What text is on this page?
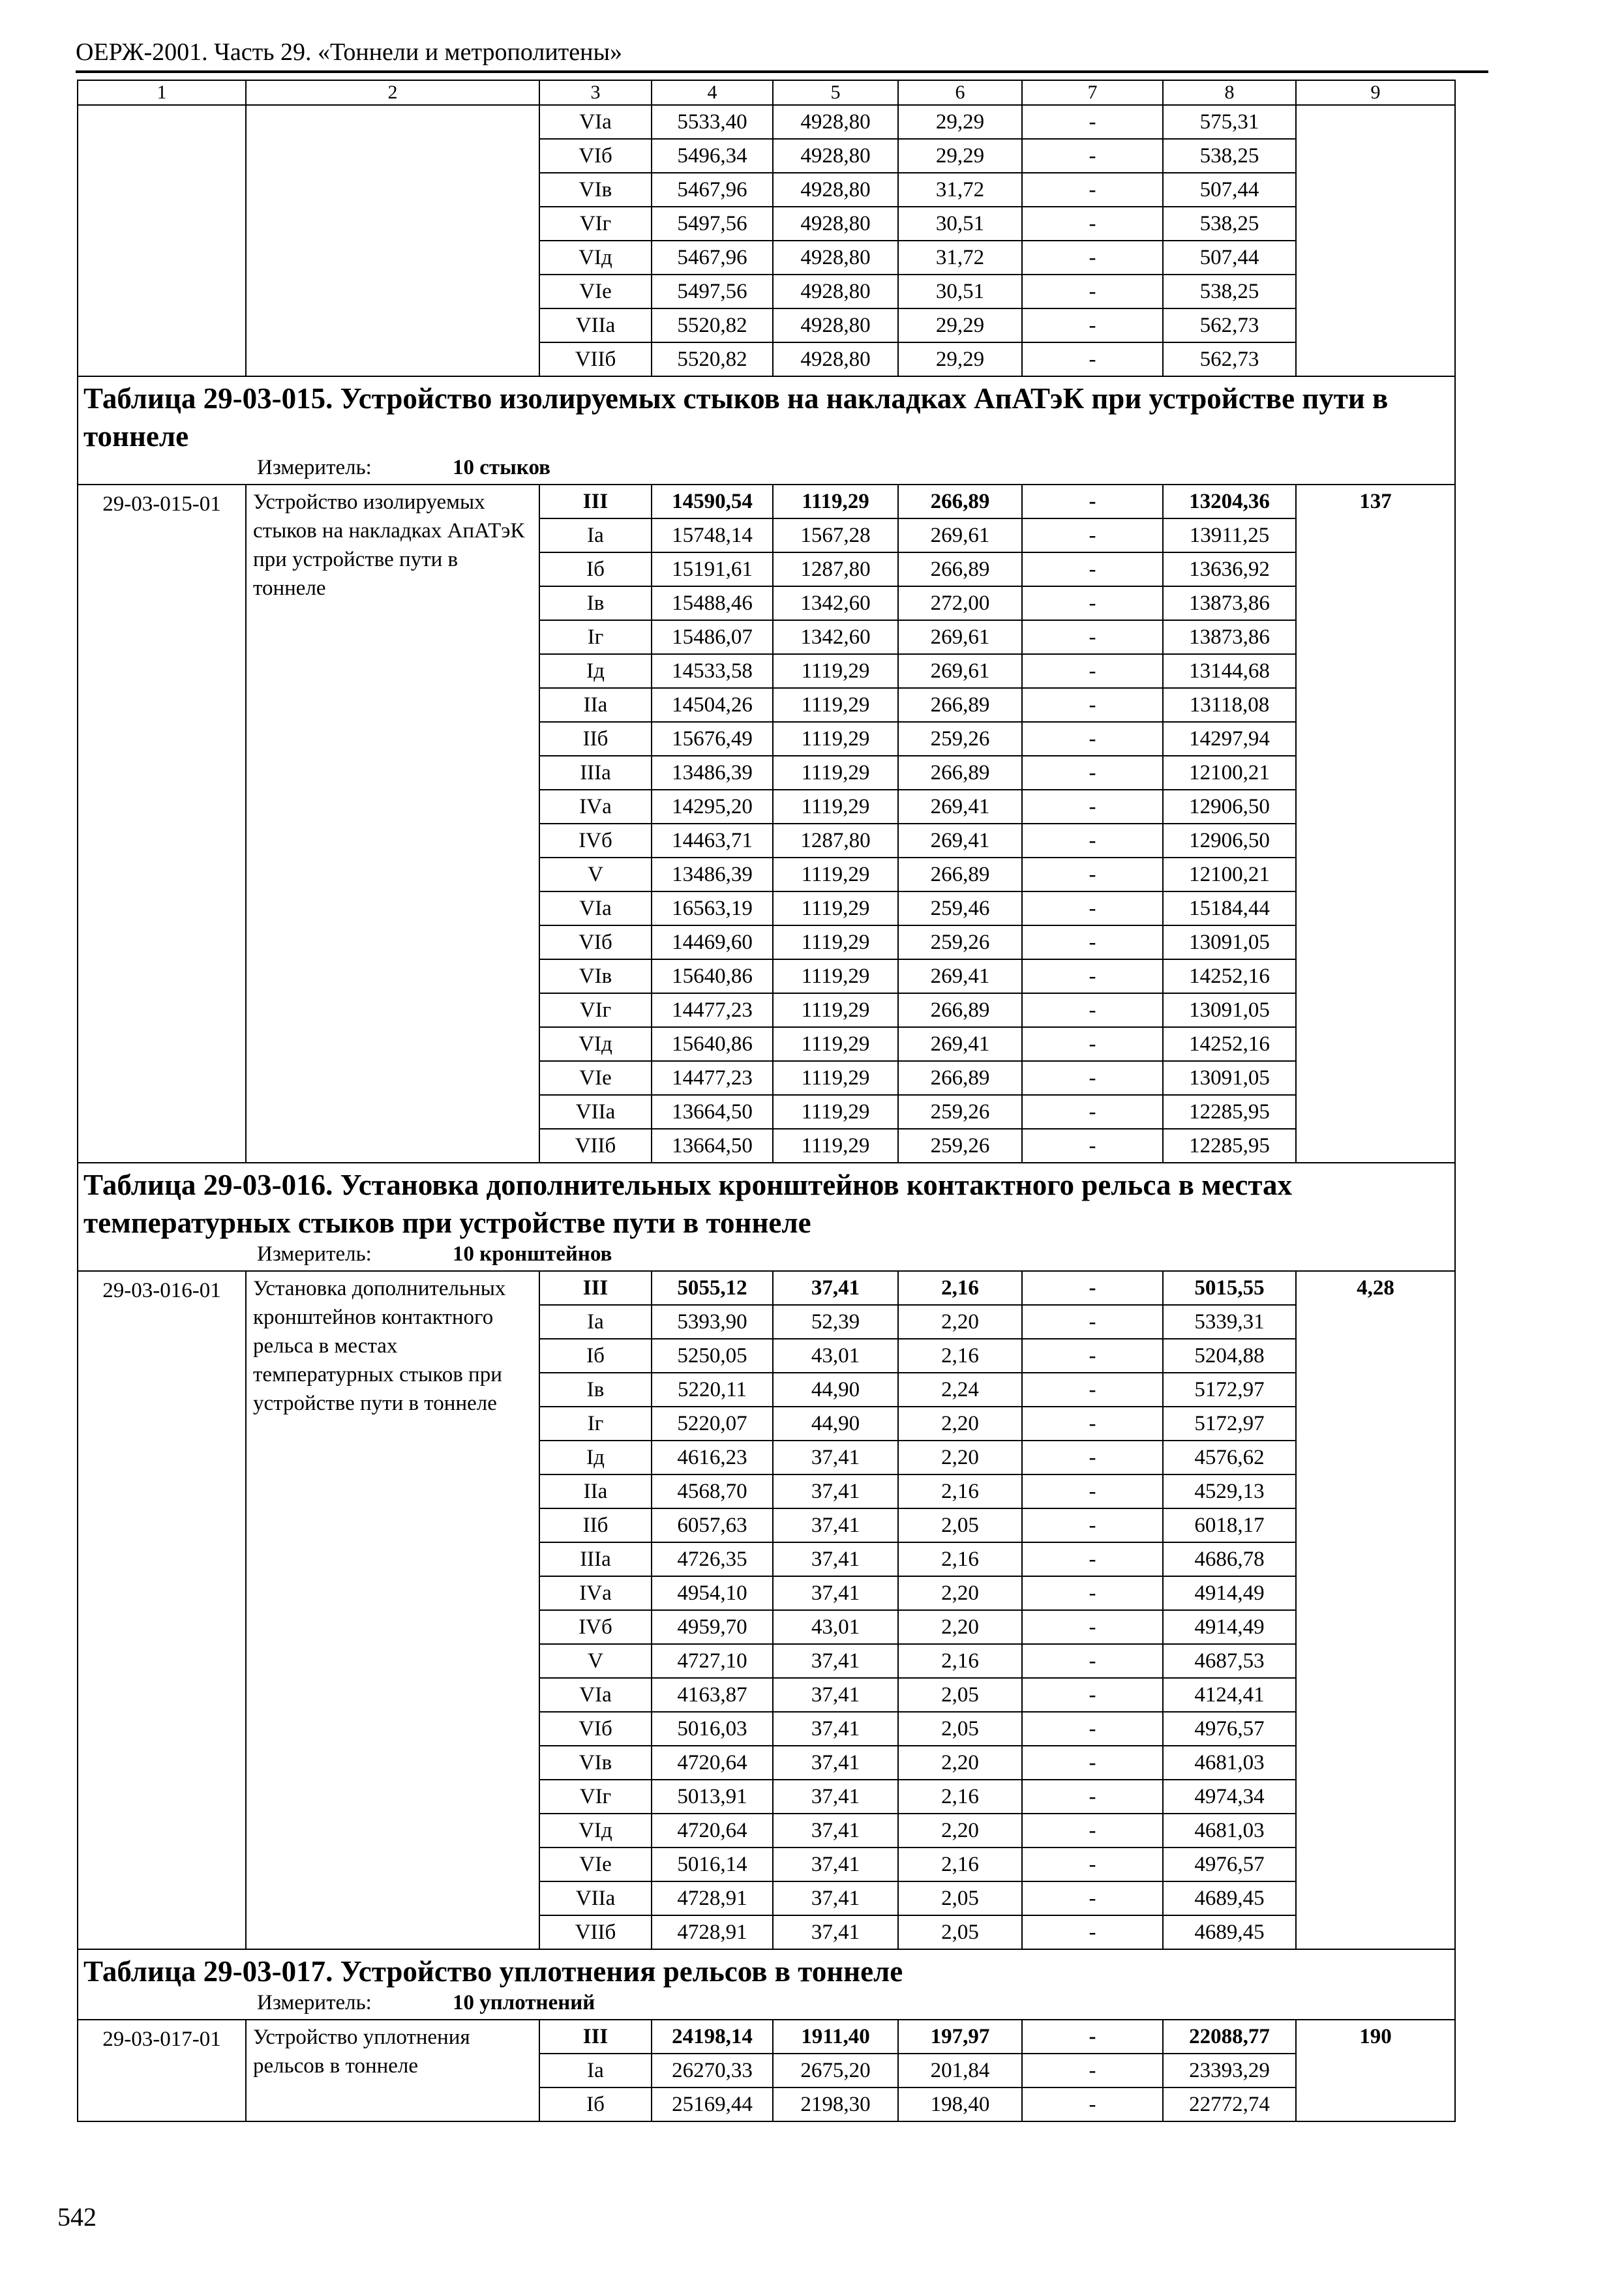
ОЕРЖ-2001. Часть 29. «Тоннели и метрополитены»
1	2	3	4	5	6	7	8	9
		VIа	5533,40	4928,80	29,29	-	575,31	
		VIб	5496,34	4928,80	29,29	-	538,25	
		VIв	5467,96	4928,80	31,72	-	507,44	
		VIг	5497,56	4928,80	30,51	-	538,25	
		VIд	5467,96	4928,80	31,72	-	507,44	
		VIе	5497,56	4928,80	30,51	-	538,25	
		VIIа	5520,82	4928,80	29,29	-	562,73	
		VIIб	5520,82	4928,80	29,29	-	562,73	

Таблица 29-03-015. Устройство изолируемых стыков на накладках АпАТэК при устройстве пути в тоннеле
Измеритель: 10 стыков								

29-03-015-01	Устройство изолируемых стыков на накладках АпАТэК при устройстве пути в тоннеле	III	14590,54	1119,29	266,89	-	13204,36	137
		Iа	15748,14	1567,28	269,61	-	13911,25	
		Iб	15191,61	1287,80	266,89	-	13636,92	
		Iв	15488,46	1342,60	272,00	-	13873,86	
		Iг	15486,07	1342,60	269,61	-	13873,86	
		Iд	14533,58	1119,29	269,61	-	13144,68	
		IIа	14504,26	1119,29	266,89	-	13118,08	
		IIб	15676,49	1119,29	259,26	-	14297,94	
		IIIа	13486,39	1119,29	266,89	-	12100,21	
		IVа	14295,20	1119,29	269,41	-	12906,50	
		IVб	14463,71	1287,80	269,41	-	12906,50	
		V	13486,39	1119,29	266,89	-	12100,21	
		VIа	16563,19	1119,29	259,46	-	15184,44	
		VIб	14469,60	1119,29	259,26	-	13091,05	
		VIв	15640,86	1119,29	269,41	-	14252,16	
		VIг	14477,23	1119,29	266,89	-	13091,05	
		VIд	15640,86	1119,29	269,41	-	14252,16	
		VIе	14477,23	1119,29	266,89	-	13091,05	
		VIIа	13664,50	1119,29	259,26	-	12285,95	
		VIIб	13664,50	1119,29	259,26	-	12285,95	

Таблица 29-03-016. Установка дополнительных кронштейнов контактного рельса в местах температурных стыков при устройстве пути в тоннеле
Измеритель: 10 кронштейнов								

29-03-016-01	Установка дополнительных кронштейнов контактного рельса в местах температурных стыков при устройстве пути в тоннеле	III	5055,12	37,41	2,16	-	5015,55	4,28
		Iа	5393,90	52,39	2,20	-	5339,31	
		Iб	5250,05	43,01	2,16	-	5204,88	
		Iв	5220,11	44,90	2,24	-	5172,97	
		Iг	5220,07	44,90	2,20	-	5172,97	
		Iд	4616,23	37,41	2,20	-	4576,62	
		IIа	4568,70	37,41	2,16	-	4529,13	
		IIб	6057,63	37,41	2,05	-	6018,17	
		IIIа	4726,35	37,41	2,16	-	4686,78	
		IVа	4954,10	37,41	2,20	-	4914,49	
		IVб	4959,70	43,01	2,20	-	4914,49	
		V	4727,10	37,41	2,16	-	4687,53	
		VIа	4163,87	37,41	2,05	-	4124,41	
		VIб	5016,03	37,41	2,05	-	4976,57	
		VIв	4720,64	37,41	2,20	-	4681,03	
		VIг	5013,91	37,41	2,16	-	4974,34	
		VIд	4720,64	37,41	2,20	-	4681,03	
		VIе	5016,14	37,41	2,16	-	4976,57	
		VIIа	4728,91	37,41	2,05	-	4689,45	
		VIIб	4728,91	37,41	2,05	-	4689,45	

Таблица 29-03-017. Устройство уплотнения рельсов в тоннеле
Измеритель: 10 уплотнений								

29-03-017-01	Устройство уплотнения рельсов в тоннеле	III	24198,14	1911,40	197,97	-	22088,77	190
		Iа	26270,33	2675,20	201,84	-	23393,29	
		Iб	25169,44	2198,30	198,40	-	22772,74	
542
